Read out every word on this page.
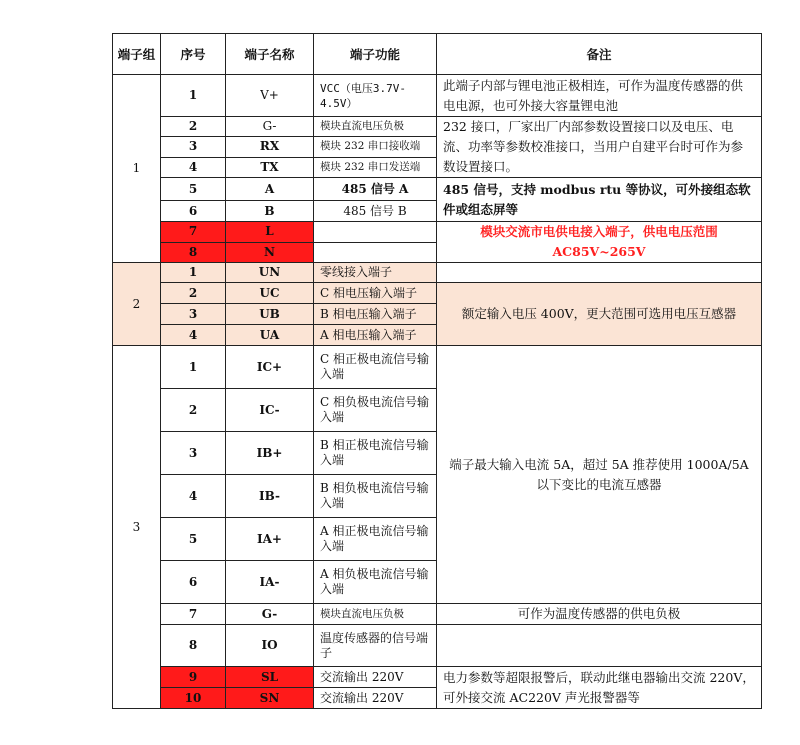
端子组	序号	端子名称	端子功能	备注
1	1	V+	VCC（电压3.7V-4.5V）	此端子内部与锂电池正极相连，可作为温度传感器的供电电源，也可外接大容量锂电池
	2	G-	模块直流电压负极	232 接口，厂家出厂内部参数设置接口以及电压、电流、功率等参数校准接口，当用户自建平台时可作为参数设置接口。
	3	RX	模块 232 串口接收端	
	4	TX	模块 232 串口发送端	
	5	A	485 信号 A	485 信号，支持 modbus rtu 等协议，可外接组态软件或组态屏等
	6	B	485 信号 B	
	7	L		模块交流市电供电接入端子，供电电压范围 AC85V~265V
	8	N		
2	1	UN	零线接入端子	
	2	UC	C 相电压输入端子	额定输入电压 400V，更大范围可选用电压互感器
	3	UB	B 相电压输入端子	
	4	UA	A 相电压输入端子	
3	1	IC+	C 相正极电流信号输入端	端子最大输入电流 5A，超过 5A 推荐使用 1000A/5A 以下变比的电流互感器
	2	IC-	C 相负极电流信号输入端	
	3	IB+	B 相正极电流信号输入端	
	4	IB-	B 相负极电流信号输入端	
	5	IA+	A 相正极电流信号输入端	
	6	IA-	A 相负极电流信号输入端	
	7	G-	模块直流电压负极	可作为温度传感器的供电负极
	8	IO	温度传感器的信号端子	
	9	SL	交流输出 220V	电力参数等超限报警后，联动此继电器输出交流 220V，可外接交流 AC220V 声光报警器等
	10	SN	交流输出 220V	
